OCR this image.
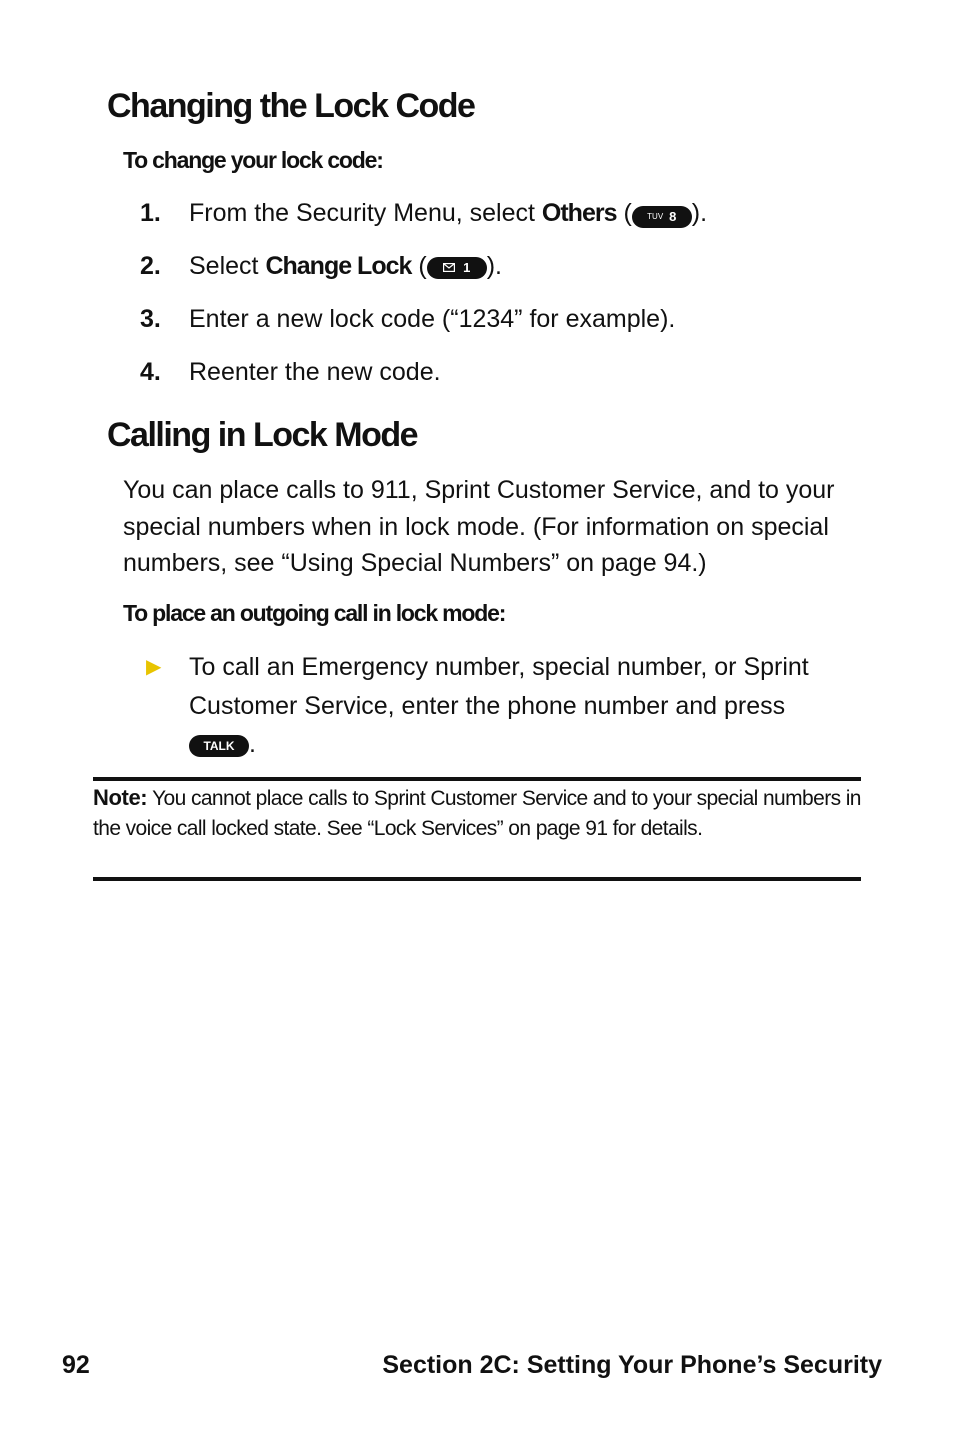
Changing the Lock Code

To change your lock code:

1. From the Security Menu, select Others ( TUV 8 ).
2. Select Change Lock (	1 ).
3. Enter a new lock code (“1234” for example).
4. Reenter the new code.
Calling in Lock Mode

You can place calls to 911, Sprint Customer Service, and to your special numbers when in lock mode. (For information on special numbers, see “Using Special Numbers” on page 94.)

To place an outgoing call in lock mode:

▶ To call an Emergency number, special number, or Sprint Customer Service, enter the phone number and press
TALK .

Note: You cannot place calls to Sprint Customer Service and to your special numbers in the voice call locked state. See “Lock Services” on page 91 for details.

92	Section 2C: Setting Your Phone’s Security
